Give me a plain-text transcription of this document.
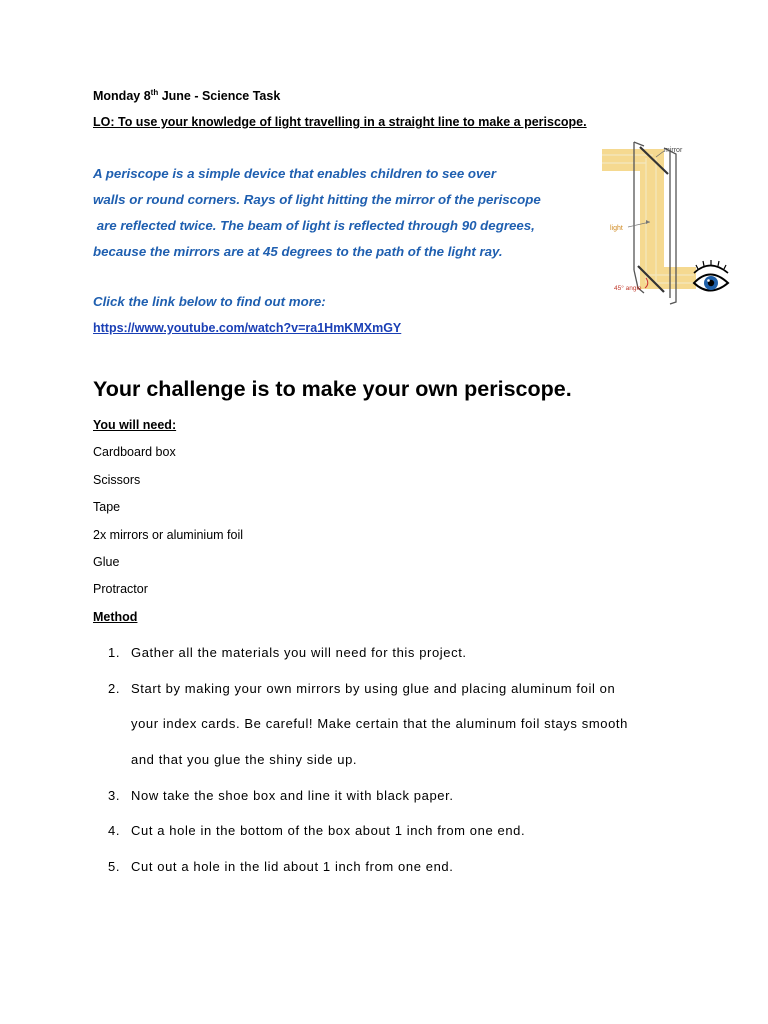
Monday 8th June - Science Task
LO: To use your knowledge of light travelling in a straight line to make a periscope.
A periscope is a simple device that enables children to see over
walls or round corners. Rays of light hitting the mirror of the periscope
are reflected twice. The beam of light is reflected through 90 degrees,
because the mirrors are at 45 degrees to the path of the light ray.
mirror
light
45° angle
Click the link below to find out more:
https://www.youtube.com/watch?v=ra1HmKMXmGY
Your challenge is to make your own periscope.
You will need:
Cardboard box
Scissors
Tape
2x mirrors or aluminium foil
Glue
Protractor
Method
1. Gather all the materials you will need for this project.
2. Start by making your own mirrors by using glue and placing aluminum foil on
your index cards. Be careful! Make certain that the aluminum foil stays smooth
and that you glue the shiny side up.
3. Now take the shoe box and line it with black paper.
4. Cut a hole in the bottom of the box about 1 inch from one end.
5. Cut out a hole in the lid about 1 inch from one end.
